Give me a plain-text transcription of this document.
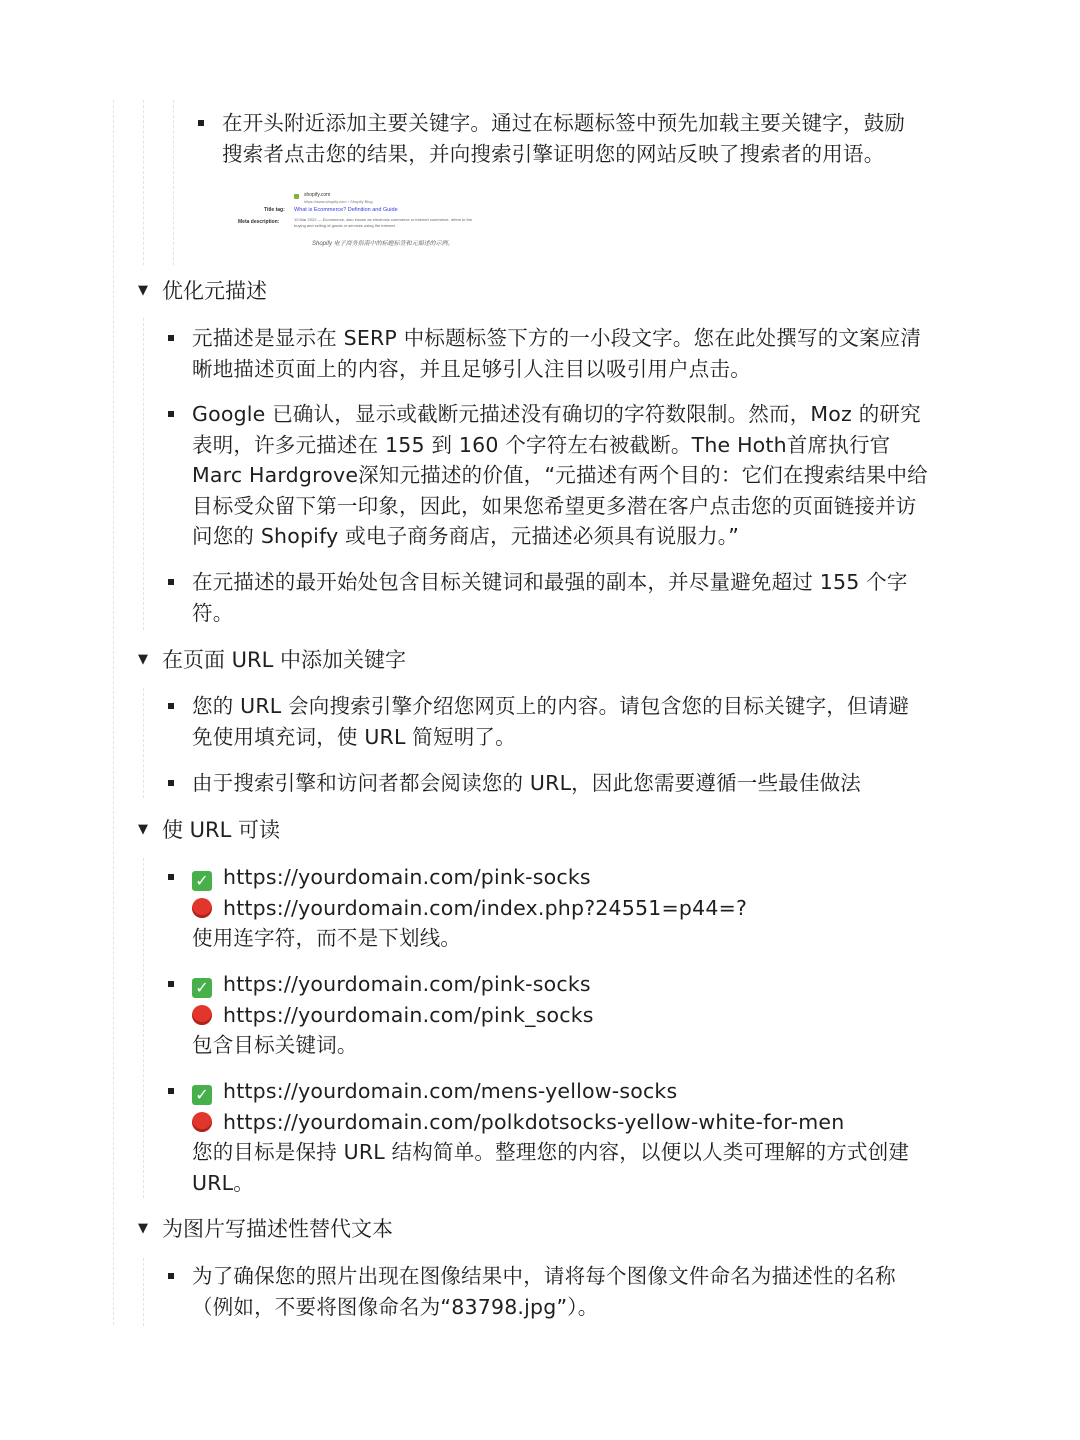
在开头附近添加主要关键字。通过在标题标签中预先加载主要关键字，鼓励
搜索者点击您的结果，并向搜索引擎证明您的网站反映了搜索者的用语。
shopify.com
https://www.shopify.com › Shopify Blog
Title tag: What is Ecommerce? Definition and Guide
Meta description:	10 Mar 2022 — Ecommerce, also known as electronic commerce or internet commerce, refers to the buying and selling of goods or services using the internet.
Shopify 电子商务指南中的标题标签和元描述的示例。
▼ 优化元描述
元描述是显示在 SERP 中标题标签下方的一小段文字。您在此处撰写的文案应清
晰地描述页面上的内容，并且足够引人注目以吸引用户点击。
Google 已确认，显示或截断元描述没有确切的字符数限制。然而，Moz 的研究
表明，许多元描述在 155 到 160 个字符左右被截断。The Hoth首席执行官
Marc Hardgrove深知元描述的价值，“元描述有两个目的：它们在搜索结果中给
目标受众留下第一印象，因此，如果您希望更多潜在客户点击您的页面链接并访
问您的 Shopify 或电子商务商店，元描述必须具有说服力。”
在元描述的最开始处包含目标关键词和最强的副本，并尽量避免超过 155 个字
符。
▼ 在页面 URL 中添加关键字
您的 URL 会向搜索引擎介绍您网页上的内容。请包含您的目标关键字，但请避
免使用填充词，使 URL 简短明了。
由于搜索引擎和访问者都会阅读您的 URL，因此您需要遵循一些最佳做法
▼ 使 URL 可读
✓ https://yourdomain.com/pink-socks
https://yourdomain.com/index.php?24551=p44=?
使用连字符，而不是下划线。
✓ https://yourdomain.com/pink-socks
https://yourdomain.com/pink_socks
包含目标关键词。
✓ https://yourdomain.com/mens-yellow-socks
https://yourdomain.com/polkdotsocks-yellow-white-for-men
您的目标是保持 URL 结构简单。整理您的内容，以便以人类可理解的方式创建
URL。
▼ 为图片写描述性替代文本
为了确保您的照片出现在图像结果中，请将每个图像文件命名为描述性的名称
（例如，不要将图像命名为“83798.jpg”）。
